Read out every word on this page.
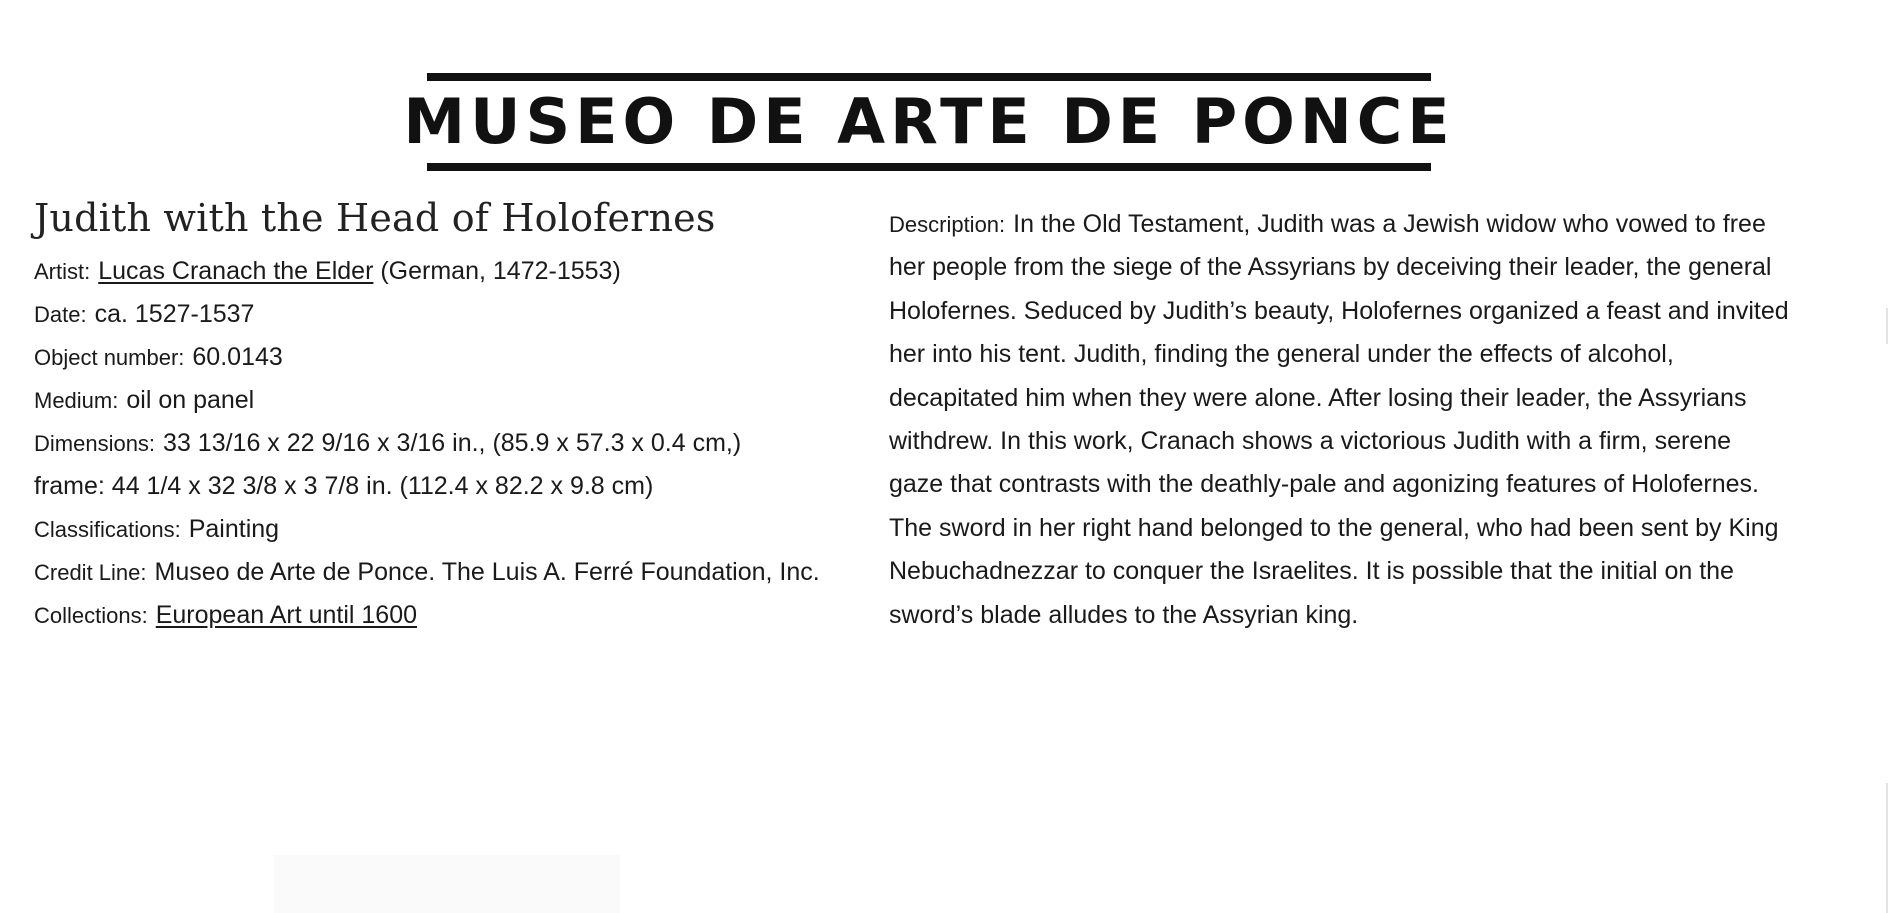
MUSEO DE ARTE DE PONCE
Judith with the Head of Holofernes

Artist: Lucas Cranach the Elder (German, 1472-1553)

Date: ca. 1527-1537

Object number: 60.0143

Medium: oil on panel

Dimensions: 33 13/16 x 22 9/16 x 3/16 in., (85.9 x 57.3 x 0.4 cm,)
frame: 44 1/4 x 32 3/8 x 3 7/8 in. (112.4 x 82.2 x 9.8 cm)

Classifications: Painting

Credit Line: Museo de Arte de Ponce. The Luis A. Ferré Foundation, Inc.

Collections: European Art until 1600

Description: In the Old Testament, Judith was a Jewish widow who vowed to free her people from the siege of the Assyrians by deceiving their leader, the general Holofernes. Seduced by Judith’s beauty, Holofernes organized a feast and invited her into his tent. Judith, finding the general under the effects of alcohol, decapitated him when they were alone. After losing their leader, the Assyrians withdrew. In this work, Cranach shows a victorious Judith with a firm, serene gaze that contrasts with the deathly-pale and agonizing features of Holofernes. The sword in her right hand belonged to the general, who had been sent by King Nebuchadnezzar to conquer the Israelites. It is possible that the initial on the sword’s blade alludes to the Assyrian king.
